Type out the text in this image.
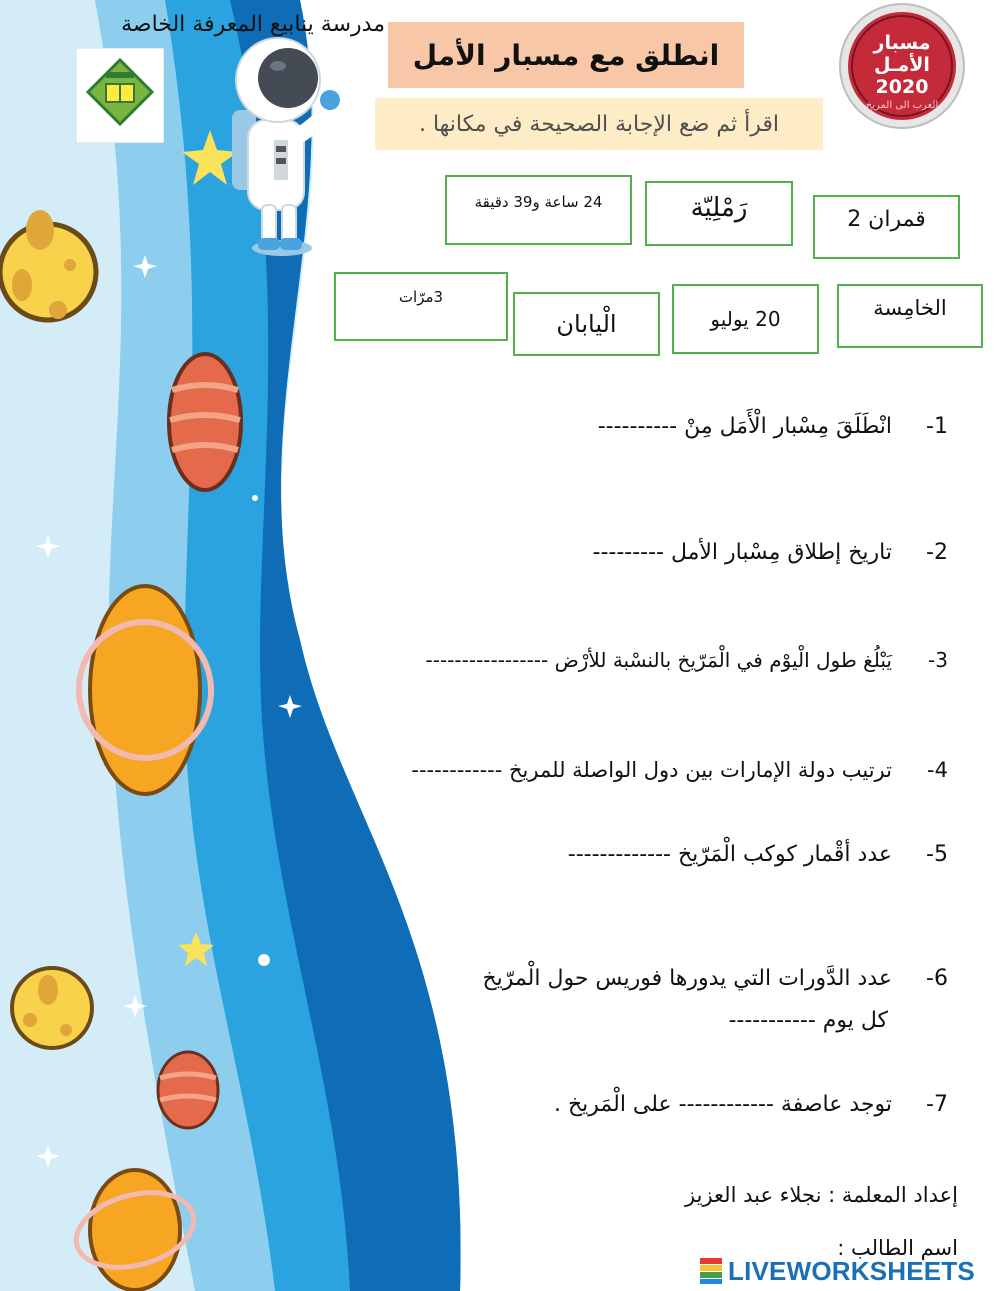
مدرسة ينابيع المعرفة الخاصة
انطلق مع مسبار الأمل
اقرأ ثم ضع الإجابة الصحيحة في مكانها .
مسبار
الأمـل
2020
العرب الى المريخ
24 ساعة و39 دقيقة	رَمْلِيّة	قمران 2
3مرّات
الْيابان	20 يوليو	الخامِسة
1-انْطَلَقَ مِسْبار الْأَمَل مِنْ ----------
2-تاريخ إطلاق مِسْبار الأمل ---------
3-يَبْلُغ طول الْيوْم في الْمَرّيخ بالنسْبة للأرْض -----------------
4-ترتيب دولة الإمارات بين دول الواصلة للمريخ ------------
5-عدد أقْمار كوكب الْمَرّيخ -------------
6-عدد الدَّورات التي يدورها فوريس حول الْمرّيخ
كل يوم -----------
7-توجد عاصفة ------------ على الْمَريخ .
إعداد المعلمة : نجلاء عبد العزيز
اسم الطالب :
LIVEWORKSHEETS
